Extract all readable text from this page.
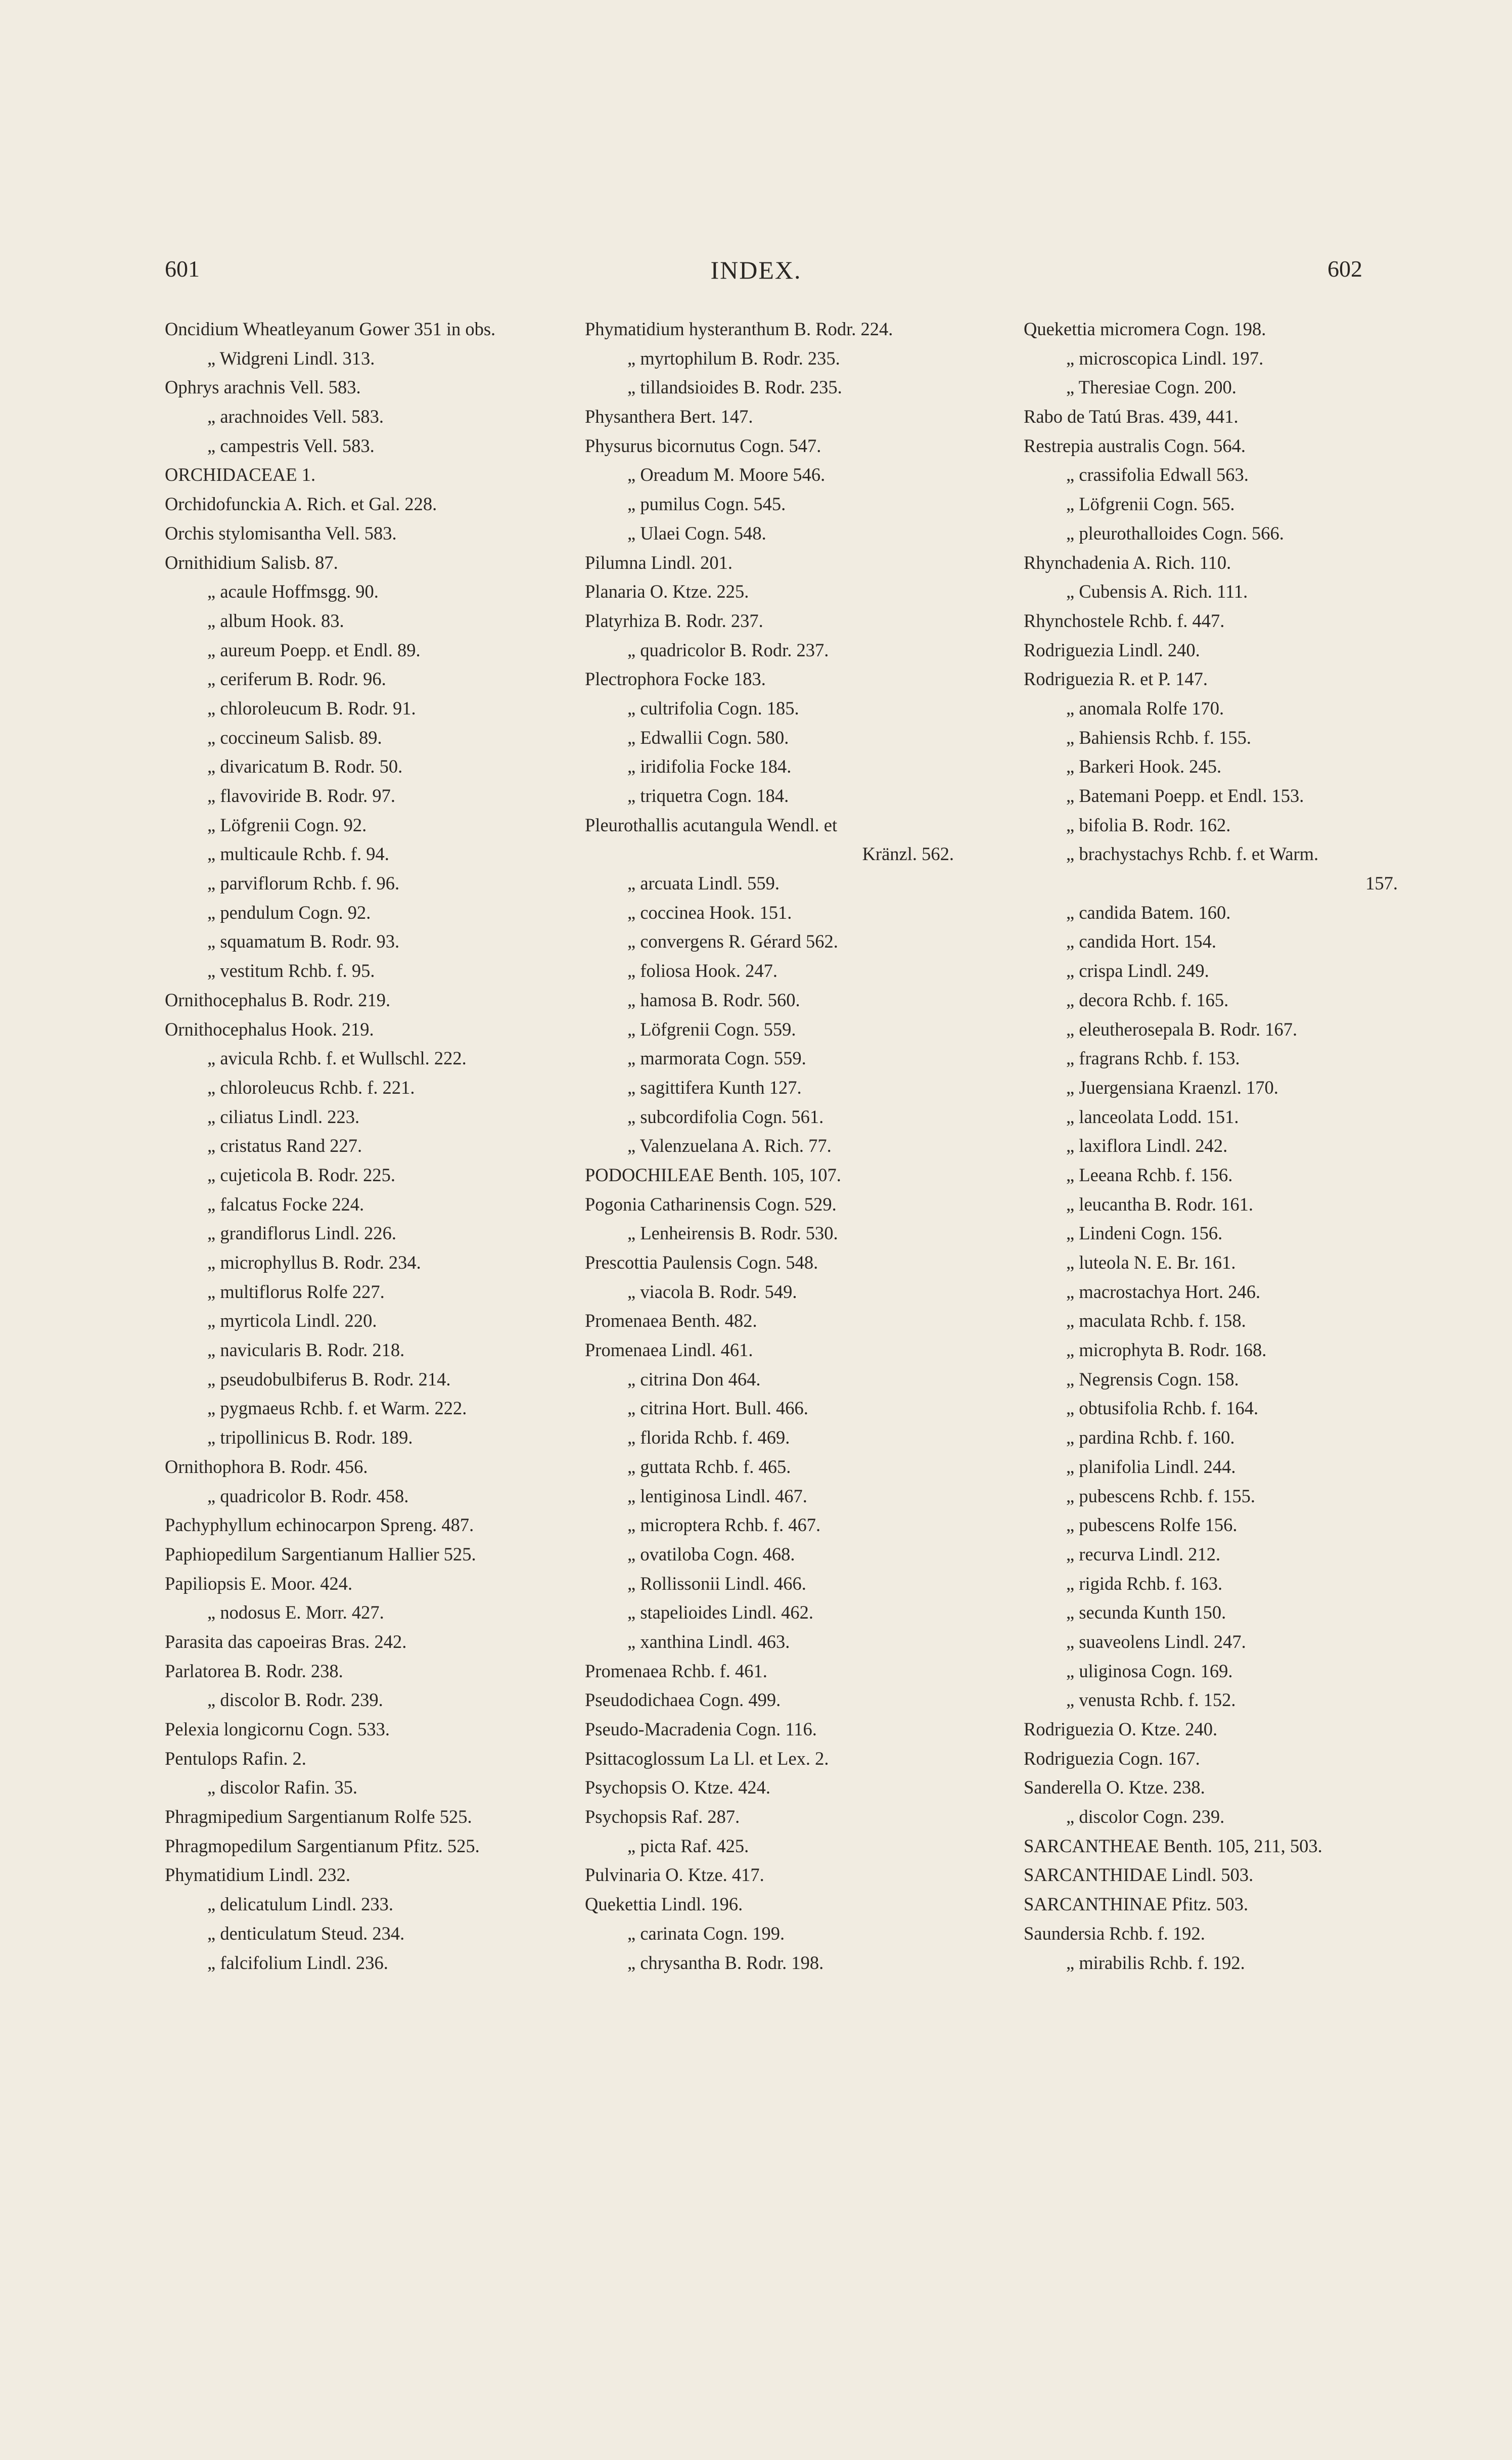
601	INDEX.	602
Oncidium Wheatleyanum Gower 351 in obs.
„ Widgreni Lindl. 313.
Ophrys arachnis Vell. 583.
„ arachnoides Vell. 583.
„ campestris Vell. 583.
ORCHIDACEAE 1.
Orchidofunckia A. Rich. et Gal. 228.
Orchis stylomisantha Vell. 583.
Ornithidium Salisb. 87.
„ acaule Hoffmsgg. 90.
„ album Hook. 83.
„ aureum Poepp. et Endl. 89.
„ ceriferum B. Rodr. 96.
„ chloroleucum B. Rodr. 91.
„ coccineum Salisb. 89.
„ divaricatum B. Rodr. 50.
„ flavoviride B. Rodr. 97.
„ Löfgrenii Cogn. 92.
„ multicaule Rchb. f. 94.
„ parviflorum Rchb. f. 96.
„ pendulum Cogn. 92.
„ squamatum B. Rodr. 93.
„ vestitum Rchb. f. 95.
Ornithocephalus B. Rodr. 219.
Ornithocephalus Hook. 219.
„ avicula Rchb. f. et Wullschl. 222.
„ chloroleucus Rchb. f. 221.
„ ciliatus Lindl. 223.
„ cristatus Rand 227.
„ cujeticola B. Rodr. 225.
„ falcatus Focke 224.
„ grandiflorus Lindl. 226.
„ microphyllus B. Rodr. 234.
„ multiflorus Rolfe 227.
„ myrticola Lindl. 220.
„ navicularis B. Rodr. 218.
„ pseudobulbiferus B. Rodr. 214.
„ pygmaeus Rchb. f. et Warm. 222.
„ tripollinicus B. Rodr. 189.
Ornithophora B. Rodr. 456.
„ quadricolor B. Rodr. 458.
Pachyphyllum echinocarpon Spreng. 487.
Paphiopedilum Sargentianum Hallier 525.
Papiliopsis E. Moor. 424.
„ nodosus E. Morr. 427.
Parasita das capoeiras Bras. 242.
Parlatorea B. Rodr. 238.
„ discolor B. Rodr. 239.
Pelexia longicornu Cogn. 533.
Pentulops Rafin. 2.
„ discolor Rafin. 35.
Phragmipedium Sargentianum Rolfe 525.
Phragmopedilum Sargentianum Pfitz. 525.
Phymatidium Lindl. 232.
„ delicatulum Lindl. 233.
„ denticulatum Steud. 234.
„ falcifolium Lindl. 236.
Phymatidium hysteranthum B. Rodr. 224.
„ myrtophilum B. Rodr. 235.
„ tillandsioides B. Rodr. 235.
Physanthera Bert. 147.
Physurus bicornutus Cogn. 547.
„ Oreadum M. Moore 546.
„ pumilus Cogn. 545.
„ Ulaei Cogn. 548.
Pilumna Lindl. 201.
Planaria O. Ktze. 225.
Platyrhiza B. Rodr. 237.
„ quadricolor B. Rodr. 237.
Plectrophora Focke 183.
„ cultrifolia Cogn. 185.
„ Edwallii Cogn. 580.
„ iridifolia Focke 184.
„ triquetra Cogn. 184.
Pleurothallis acutangula Wendl. et
Kränzl. 562.
„ arcuata Lindl. 559.
„ coccinea Hook. 151.
„ convergens R. Gérard 562.
„ foliosa Hook. 247.
„ hamosa B. Rodr. 560.
„ Löfgrenii Cogn. 559.
„ marmorata Cogn. 559.
„ sagittifera Kunth 127.
„ subcordifolia Cogn. 561.
„ Valenzuelana A. Rich. 77.
PODOCHILEAE Benth. 105, 107.
Pogonia Catharinensis Cogn. 529.
„ Lenheirensis B. Rodr. 530.
Prescottia Paulensis Cogn. 548.
„ viacola B. Rodr. 549.
Promenaea Benth. 482.
Promenaea Lindl. 461.
„ citrina Don 464.
„ citrina Hort. Bull. 466.
„ florida Rchb. f. 469.
„ guttata Rchb. f. 465.
„ lentiginosa Lindl. 467.
„ microptera Rchb. f. 467.
„ ovatiloba Cogn. 468.
„ Rollissonii Lindl. 466.
„ stapelioides Lindl. 462.
„ xanthina Lindl. 463.
Promenaea Rchb. f. 461.
Pseudodichaea Cogn. 499.
Pseudo-Macradenia Cogn. 116.
Psittacoglossum La Ll. et Lex. 2.
Psychopsis O. Ktze. 424.
Psychopsis Raf. 287.
„ picta Raf. 425.
Pulvinaria O. Ktze. 417.
Quekettia Lindl. 196.
„ carinata Cogn. 199.
„ chrysantha B. Rodr. 198.
Quekettia micromera Cogn. 198.
„ microscopica Lindl. 197.
„ Theresiae Cogn. 200.
Rabo de Tatú Bras. 439, 441.
Restrepia australis Cogn. 564.
„ crassifolia Edwall 563.
„ Löfgrenii Cogn. 565.
„ pleurothalloides Cogn. 566.
Rhynchadenia A. Rich. 110.
„ Cubensis A. Rich. 111.
Rhynchostele Rchb. f. 447.
Rodriguezia Lindl. 240.
Rodriguezia R. et P. 147.
„ anomala Rolfe 170.
„ Bahiensis Rchb. f. 155.
„ Barkeri Hook. 245.
„ Batemani Poepp. et Endl. 153.
„ bifolia B. Rodr. 162.
„ brachystachys Rchb. f. et Warm.
157.
„ candida Batem. 160.
„ candida Hort. 154.
„ crispa Lindl. 249.
„ decora Rchb. f. 165.
„ eleutherosepala B. Rodr. 167.
„ fragrans Rchb. f. 153.
„ Juergensiana Kraenzl. 170.
„ lanceolata Lodd. 151.
„ laxiflora Lindl. 242.
„ Leeana Rchb. f. 156.
„ leucantha B. Rodr. 161.
„ Lindeni Cogn. 156.
„ luteola N. E. Br. 161.
„ macrostachya Hort. 246.
„ maculata Rchb. f. 158.
„ microphyta B. Rodr. 168.
„ Negrensis Cogn. 158.
„ obtusifolia Rchb. f. 164.
„ pardina Rchb. f. 160.
„ planifolia Lindl. 244.
„ pubescens Rchb. f. 155.
„ pubescens Rolfe 156.
„ recurva Lindl. 212.
„ rigida Rchb. f. 163.
„ secunda Kunth 150.
„ suaveolens Lindl. 247.
„ uliginosa Cogn. 169.
„ venusta Rchb. f. 152.
Rodriguezia O. Ktze. 240.
Rodriguezia Cogn. 167.
Sanderella O. Ktze. 238.
„ discolor Cogn. 239.
SARCANTHEAE Benth. 105, 211, 503.
SARCANTHIDAE Lindl. 503.
SARCANTHINAE Pfitz. 503.
Saundersia Rchb. f. 192.
„ mirabilis Rchb. f. 192.
